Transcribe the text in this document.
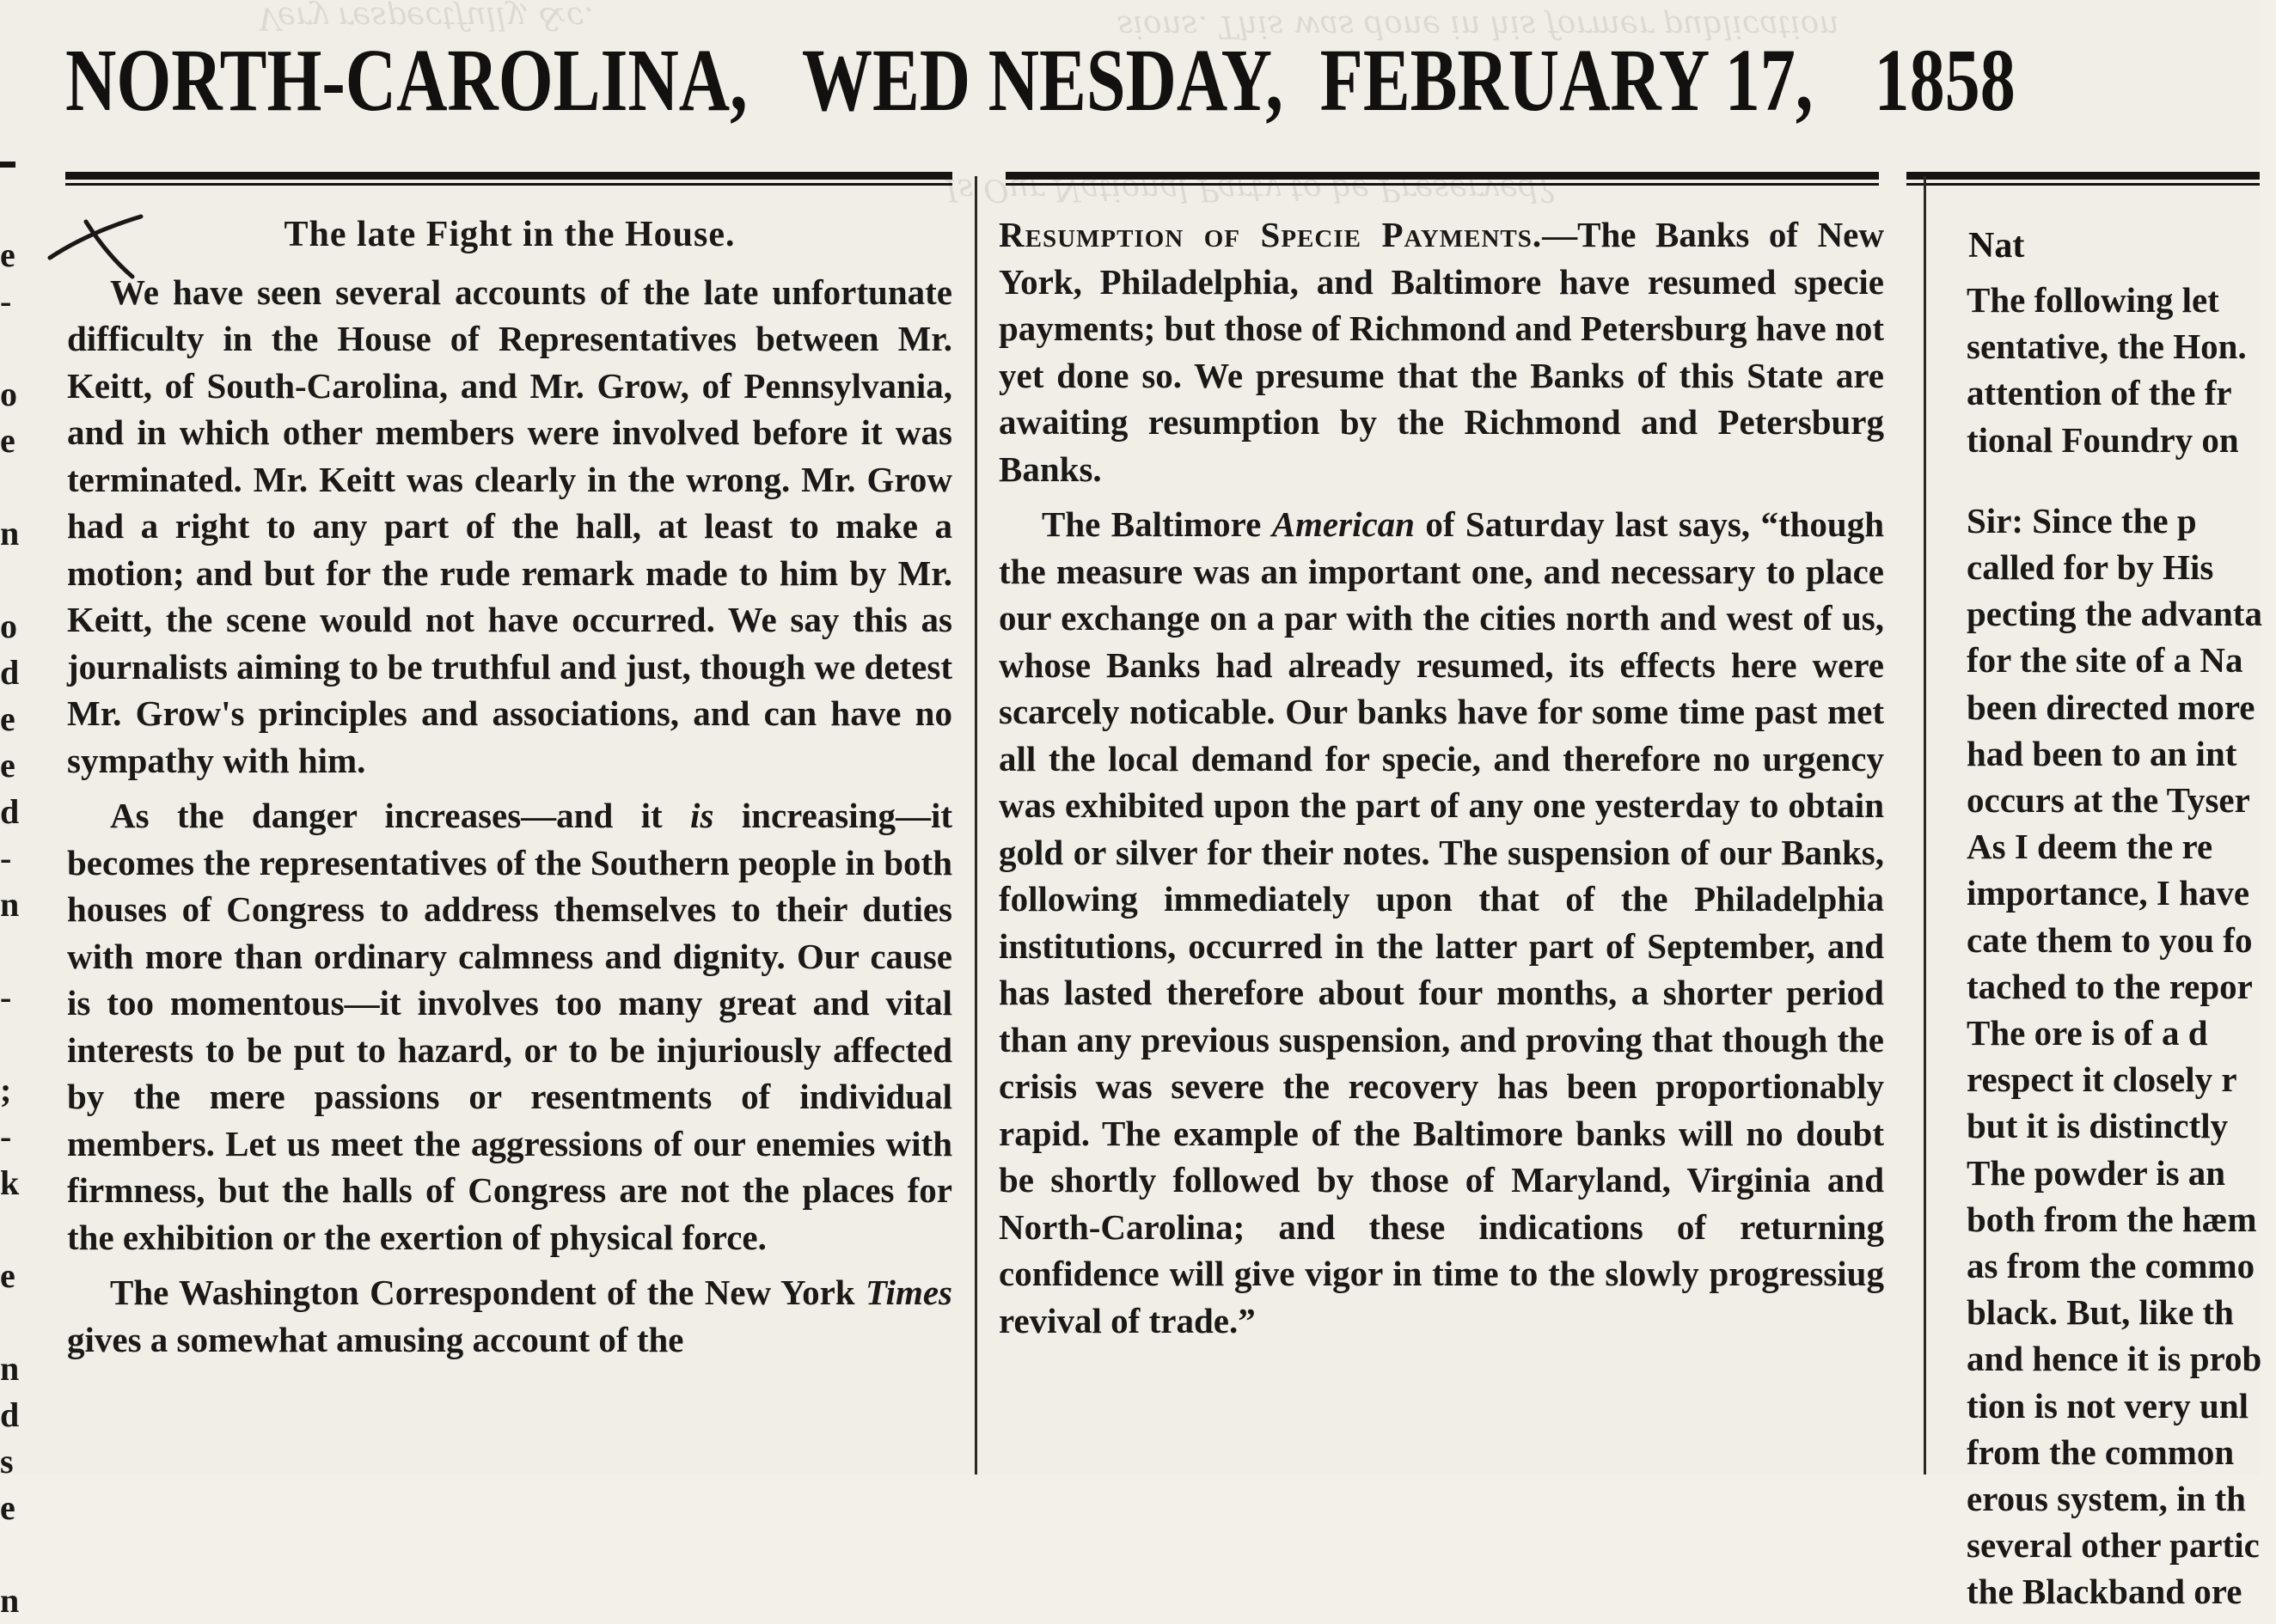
Very respectfully, &c.	sions. This was done in his former publication
Is Our National Party to be Preserved?
NORTH-CAROLINA, WED NESDAY, FEBRUARY 17, 1858
e
-
o
e
n
o
d
e
e
d
-
n
-
;
-
k
e
n
d
s
e
n

The late Fight in the House.

We have seen several accounts of the late unfortunate difficulty in the House of Representatives between Mr. Keitt, of South-Carolina, and Mr. Grow, of Pennsylvania, and in which other members were involved before it was terminated. Mr. Keitt was clearly in the wrong. Mr. Grow had a right to any part of the hall, at least to make a motion; and but for the rude remark made to him by Mr. Keitt, the scene would not have occurred. We say this as journalists aiming to be truthful and just, though we detest Mr. Grow's principles and associations, and can have no sympathy with him.

As the danger increases—and it is increasing—it becomes the representatives of the Southern people in both houses of Congress to address themselves to their duties with more than ordinary calmness and dignity. Our cause is too momentous—it involves too many great and vital interests to be put to hazard, or to be injuriously affected by the mere passions or resentments of individual members. Let us meet the aggressions of our enemies with firmness, but the halls of Congress are not the places for the exhibition or the exertion of physical force.

The Washington Correspondent of the New York Times gives a somewhat amusing account of the

Resumption of Specie Payments.—The Banks of New York, Philadelphia, and Baltimore have resumed specie payments; but those of Richmond and Petersburg have not yet done so. We presume that the Banks of this State are awaiting resumption by the Richmond and Petersburg Banks.

The Baltimore American of Saturday last says, “though the measure was an important one, and necessary to place our exchange on a par with the cities north and west of us, whose Banks had already resumed, its effects here were scarcely noticable. Our banks have for some time past met all the local demand for specie, and therefore no urgency was exhibited upon the part of any one yesterday to obtain gold or silver for their notes. The suspension of our Banks, following immediately upon that of the Philadelphia institutions, occurred in the latter part of September, and has lasted therefore about four months, a shorter period than any previous suspension, and proving that though the crisis was severe the recovery has been proportionably rapid. The example of the Baltimore banks will no doubt be shortly followed by those of Maryland, Virginia and North-Carolina; and these indications of returning confidence will give vigor in time to the slowly progressiug revival of trade.”

Nat

The following let

sentative, the Hon.

attention of the fr

tional Foundry on

Sir: Since the p

called for by His

pecting the advanta

for the site of a Na

been directed more

had been to an int

occurs at the Tyser

As I deem the re

importance, I have

cate them to you fo

tached to the repor

The ore is of a d

respect it closely r

but it is distinctly

The powder is an

both from the hæm

as from the commo

black. But, like th

and hence it is prob

tion is not very unl

from the common

erous system, in th

several other partic

the Blackband ore
